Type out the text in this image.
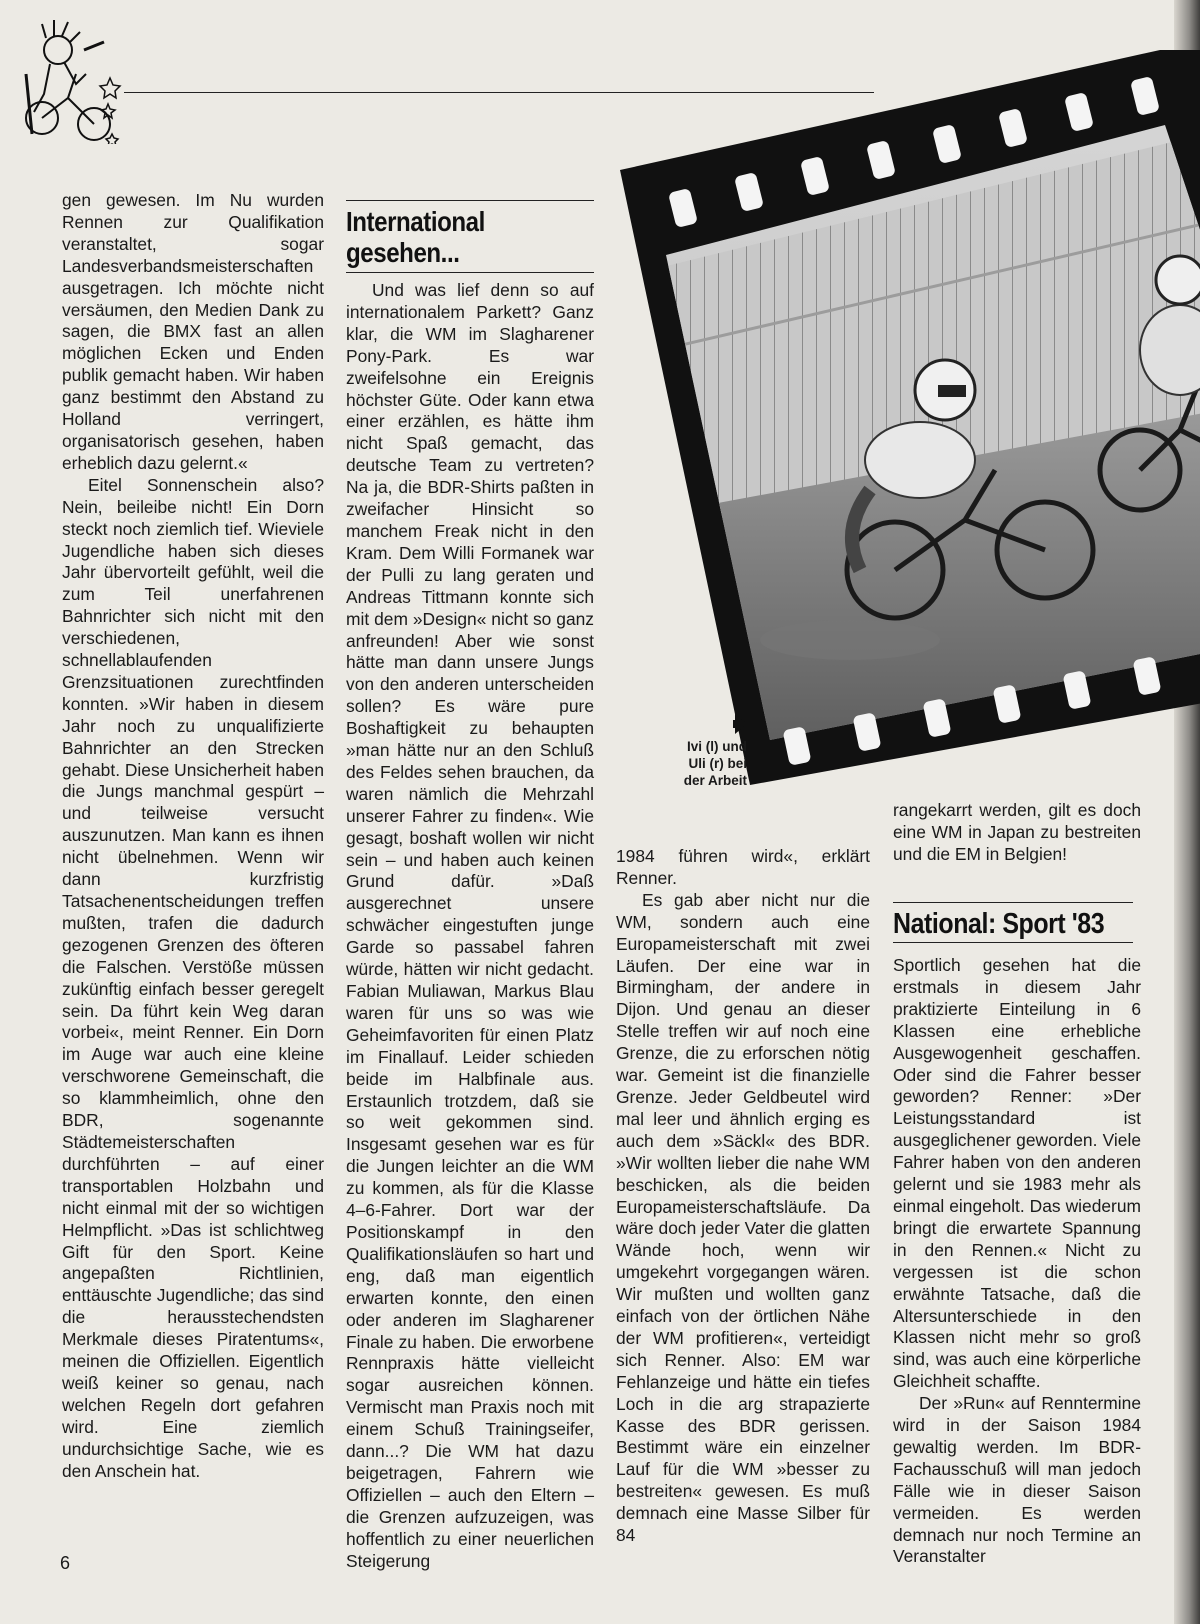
gen gewesen. Im Nu wurden Rennen zur Qualifikation veranstaltet, sogar Landesverbandsmeisterschaften ausgetragen. Ich möchte nicht versäumen, den Medien Dank zu sagen, die BMX fast an allen möglichen Ecken und Enden publik gemacht haben. Wir haben ganz bestimmt den Abstand zu Holland verringert, organisatorisch gesehen, haben erheblich dazu gelernt.«

Eitel Sonnenschein also? Nein, beileibe nicht! Ein Dorn steckt noch ziemlich tief. Wieviele Jugendliche haben sich dieses Jahr übervorteilt gefühlt, weil die zum Teil unerfahrenen Bahnrichter sich nicht mit den verschiedenen, schnellablaufenden Grenzsituationen zurechtfinden konnten. »Wir haben in diesem Jahr noch zu unqualifizierte Bahnrichter an den Strecken gehabt. Diese Unsicherheit haben die Jungs manchmal gespürt – und teilweise versucht auszunutzen. Man kann es ihnen nicht übelnehmen. Wenn wir dann kurzfristig Tatsachenentscheidungen treffen mußten, trafen die dadurch gezogenen Grenzen des öfteren die Falschen. Verstöße müssen zukünftig einfach besser geregelt sein. Da führt kein Weg daran vorbei«, meint Renner. Ein Dorn im Auge war auch eine kleine verschworene Gemeinschaft, die so klammheimlich, ohne den BDR, sogenannte Städtemeisterschaften durchführten – auf einer transportablen Holzbahn und nicht einmal mit der so wichtigen Helmpflicht. »Das ist schlichtweg Gift für den Sport. Keine angepaßten Richtlinien, enttäuschte Jugendliche; das sind die herausstechendsten Merkmale dieses Piratentums«, meinen die Offiziellen. Eigentlich weiß keiner so genau, nach welchen Regeln dort gefahren wird. Eine ziemlich undurchsichtige Sache, wie es den Anschein hat.

International
gesehen...

Und was lief denn so auf internationalem Parkett? Ganz klar, die WM im Slagharener Pony-Park. Es war zweifelsohne ein Ereignis höchster Güte. Oder kann etwa einer erzählen, es hätte ihm nicht Spaß gemacht, das deutsche Team zu vertreten? Na ja, die BDR-Shirts paßten in zweifacher Hinsicht so manchem Freak nicht in den Kram. Dem Willi Formanek war der Pulli zu lang geraten und Andreas Tittmann konnte sich mit dem »Design« nicht so ganz anfreunden! Aber wie sonst hätte man dann unsere Jungs von den anderen unterscheiden sollen? Es wäre pure Boshaftigkeit zu behaupten »man hätte nur an den Schluß des Feldes sehen brauchen, da waren nämlich die Mehrzahl unserer Fahrer zu finden«. Wie gesagt, boshaft wollen wir nicht sein – und haben auch keinen Grund dafür. »Daß ausgerechnet unsere schwächer eingestuften junge Garde so passabel fahren würde, hätten wir nicht gedacht. Fabian Muliawan, Markus Blau waren für uns so was wie Geheimfavoriten für einen Platz im Finallauf. Leider schieden beide im Halbfinale aus. Erstaunlich trotzdem, daß sie so weit gekommen sind. Insgesamt gesehen war es für die Jungen leichter an die WM zu kommen, als für die Klasse 4–6-Fahrer. Dort war der Positionskampf in den Qualifikationsläufen so hart und eng, daß man eigentlich erwarten konnte, den einen oder anderen im Slagharener Finale zu haben. Die erworbene Rennpraxis hätte vielleicht sogar ausreichen können. Vermischt man Praxis noch mit einem Schuß Trainingseifer, dann...? Die WM hat dazu beigetragen, Fahrern wie Offiziellen – auch den Eltern – die Grenzen aufzuzeigen, was hoffentlich zu einer neuerlichen Steigerung

Ivi (l) und
Uli (r) bei
der Arbeit

1984 führen wird«, erklärt Renner.

Es gab aber nicht nur die WM, sondern auch eine Europameisterschaft mit zwei Läufen. Der eine war in Birmingham, der andere in Dijon. Und genau an dieser Stelle treffen wir auf noch eine Grenze, die zu erforschen nötig war. Gemeint ist die finanzielle Grenze. Jeder Geldbeutel wird mal leer und ähnlich erging es auch dem »Säckl« des BDR. »Wir wollten lieber die nahe WM beschicken, als die beiden Europameisterschaftsläufe. Da wäre doch jeder Vater die glatten Wände hoch, wenn wir umgekehrt vorgegangen wären. Wir mußten und wollten ganz einfach von der örtlichen Nähe der WM profitieren«, verteidigt sich Renner. Also: EM war Fehlanzeige und hätte ein tiefes Loch in die arg strapazierte Kasse des BDR gerissen. Bestimmt wäre ein einzelner Lauf für die WM »besser zu bestreiten« gewesen. Es muß demnach eine Masse Silber für 84

rangekarrt werden, gilt es doch eine WM in Japan zu bestreiten und die EM in Belgien!

National: Sport '83

Sportlich gesehen hat die erstmals in diesem Jahr praktizierte Einteilung in 6 Klassen eine erhebliche Ausgewogenheit geschaffen. Oder sind die Fahrer besser geworden? Renner: »Der Leistungsstandard ist ausgeglichener geworden. Viele Fahrer haben von den anderen gelernt und sie 1983 mehr als einmal eingeholt. Das wiederum bringt die erwartete Spannung in den Rennen.« Nicht zu vergessen ist die schon erwähnte Tatsache, daß die Altersunterschiede in den Klassen nicht mehr so groß sind, was auch eine körperliche Gleichheit schaffte.

Der »Run« auf Renntermine wird in der Saison 1984 gewaltig werden. Im BDR-Fachausschuß will man jedoch Fälle wie in dieser Saison vermeiden. Es werden demnach nur noch Termine an Veranstalter

6
